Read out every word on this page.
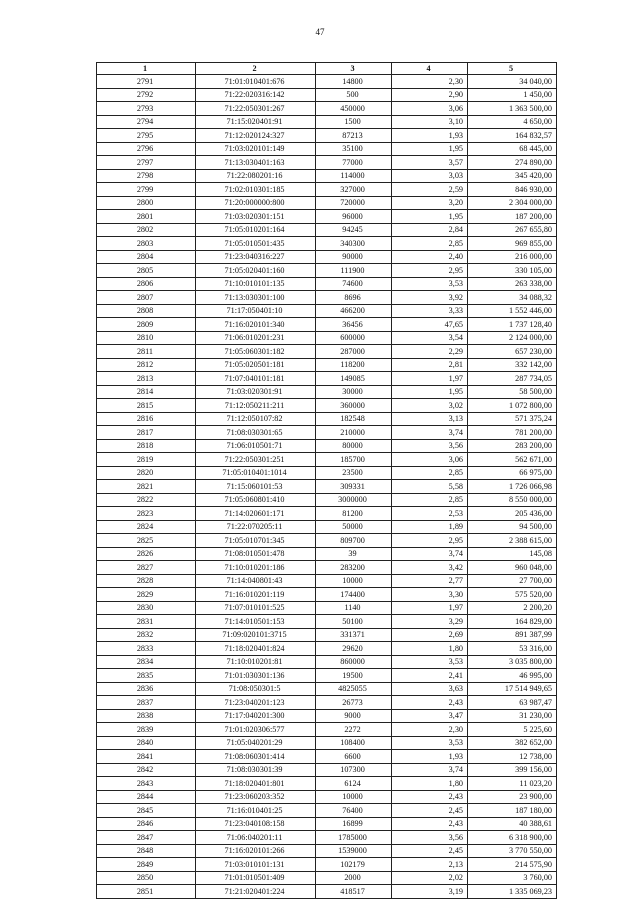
47
1	2	3	4	5
2791	71:01:010401:676	14800	2,30	34 040,00
2792	71:22:020316:142	500	2,90	1 450,00
2793	71:22:050301:267	450000	3,06	1 363 500,00
2794	71:15:020401:91	1500	3,10	4 650,00
2795	71:12:020124:327	87213	1,93	164 832,57
2796	71:03:020101:149	35100	1,95	68 445,00
2797	71:13:030401:163	77000	3,57	274 890,00
2798	71:22:080201:16	114000	3,03	345 420,00
2799	71:02:010301:185	327000	2,59	846 930,00
2800	71:20:000000:800	720000	3,20	2 304 000,00
2801	71:03:020301:151	96000	1,95	187 200,00
2802	71:05:010201:164	94245	2,84	267 655,80
2803	71:05:010501:435	340300	2,85	969 855,00
2804	71:23:040316:227	90000	2,40	216 000,00
2805	71:05:020401:160	111900	2,95	330 105,00
2806	71:10:010101:135	74600	3,53	263 338,00
2807	71:13:030301:100	8696	3,92	34 088,32
2808	71:17:050401:10	466200	3,33	1 552 446,00
2809	71:16:020101:340	36456	47,65	1 737 128,40
2810	71:06:010201:231	600000	3,54	2 124 000,00
2811	71:05:060301:182	287000	2,29	657 230,00
2812	71:05:020501:181	118200	2,81	332 142,00
2813	71:07:040101:181	149085	1,97	287 734,05
2814	71:03:020301:91	30000	1,95	58 500,00
2815	71:12:050211:211	360000	3,02	1 072 800,00
2816	71:12:050107:82	182548	3,13	571 375,24
2817	71:08:030301:65	210000	3,74	781 200,00
2818	71:06:010501:71	80000	3,56	283 200,00
2819	71:22:050301:251	185700	3,06	562 671,00
2820	71:05:010401:1014	23500	2,85	66 975,00
2821	71:15:060101:53	309331	5,58	1 726 066,98
2822	71:05:060801:410	3000000	2,85	8 550 000,00
2823	71:14:020601:171	81200	2,53	205 436,00
2824	71:22:070205:11	50000	1,89	94 500,00
2825	71:05:010701:345	809700	2,95	2 388 615,00
2826	71:08:010501:478	39	3,74	145,08
2827	71:10:010201:186	283200	3,42	960 048,00
2828	71:14:040801:43	10000	2,77	27 700,00
2829	71:16:010201:119	174400	3,30	575 520,00
2830	71:07:010101:525	1140	1,97	2 200,20
2831	71:14:010501:153	50100	3,29	164 829,00
2832	71:09:020101:3715	331371	2,69	891 387,99
2833	71:18:020401:824	29620	1,80	53 316,00
2834	71:10:010201:81	860000	3,53	3 035 800,00
2835	71:01:030301:136	19500	2,41	46 995,00
2836	71:08:050301:5	4825055	3,63	17 514 949,65
2837	71:23:040201:123	26773	2,43	63 987,47
2838	71:17:040201:300	9000	3,47	31 230,00
2839	71:01:020306:577	2272	2,30	5 225,60
2840	71:05:040201:29	108400	3,53	382 652,00
2841	71:08:060301:414	6600	1,93	12 738,00
2842	71:08:030301:39	107300	3,74	399 156,00
2843	71:18:020401:801	6124	1,80	11 023,20
2844	71:23:060203:352	10000	2,43	23 900,00
2845	71:16:010401:25	76400	2,45	187 180,00
2846	71:23:040108:158	16899	2,43	40 388,61
2847	71:06:040201:11	1785000	3,56	6 318 900,00
2848	71:16:020101:266	1539000	2,45	3 770 550,00
2849	71:03:010101:131	102179	2,13	214 575,90
2850	71:01:010501:409	2000	2,02	3 760,00
2851	71:21:020401:224	418517	3,19	1 335 069,23
